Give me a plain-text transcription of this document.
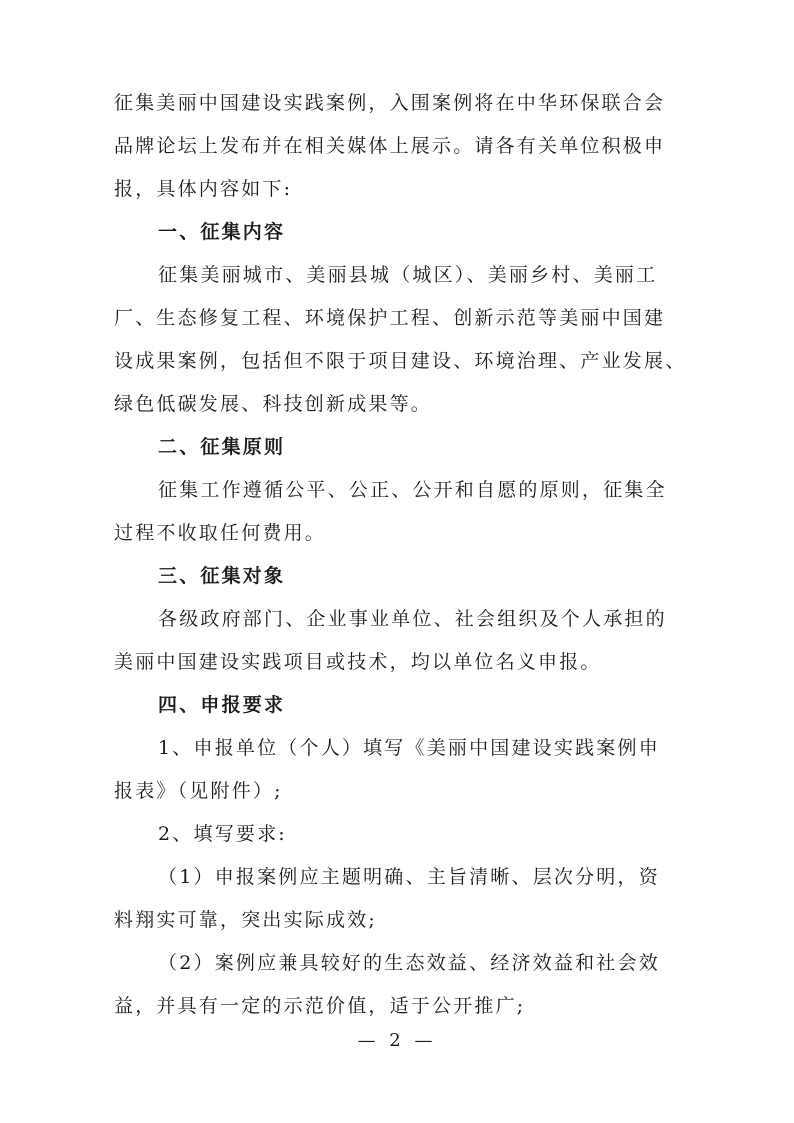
征集美丽中国建设实践案例，入围案例将在中华环保联合会
品牌论坛上发布并在相关媒体上展示。请各有关单位积极申
报，具体内容如下:
一、征集内容
征集美丽城市、美丽县城（城区）、美丽乡村、美丽工
厂、生态修复工程、环境保护工程、创新示范等美丽中国建
设成果案例，包括但不限于项目建设、环境治理、产业发展、
绿色低碳发展、科技创新成果等。
二、征集原则
征集工作遵循公平、公正、公开和自愿的原则，征集全
过程不收取任何费用。
三、征集对象
各级政府部门、企业事业单位、社会组织及个人承担的
美丽中国建设实践项目或技术，均以单位名义申报。
四、申报要求
1、申报单位（个人）填写《美丽中国建设实践案例申
报表》（见附件）;
2、填写要求:
（1）申报案例应主题明确、主旨清晰、层次分明，资
料翔实可靠，突出实际成效;
（2）案例应兼具较好的生态效益、经济效益和社会效
益，并具有一定的示范价值，适于公开推广;
— 2 —
